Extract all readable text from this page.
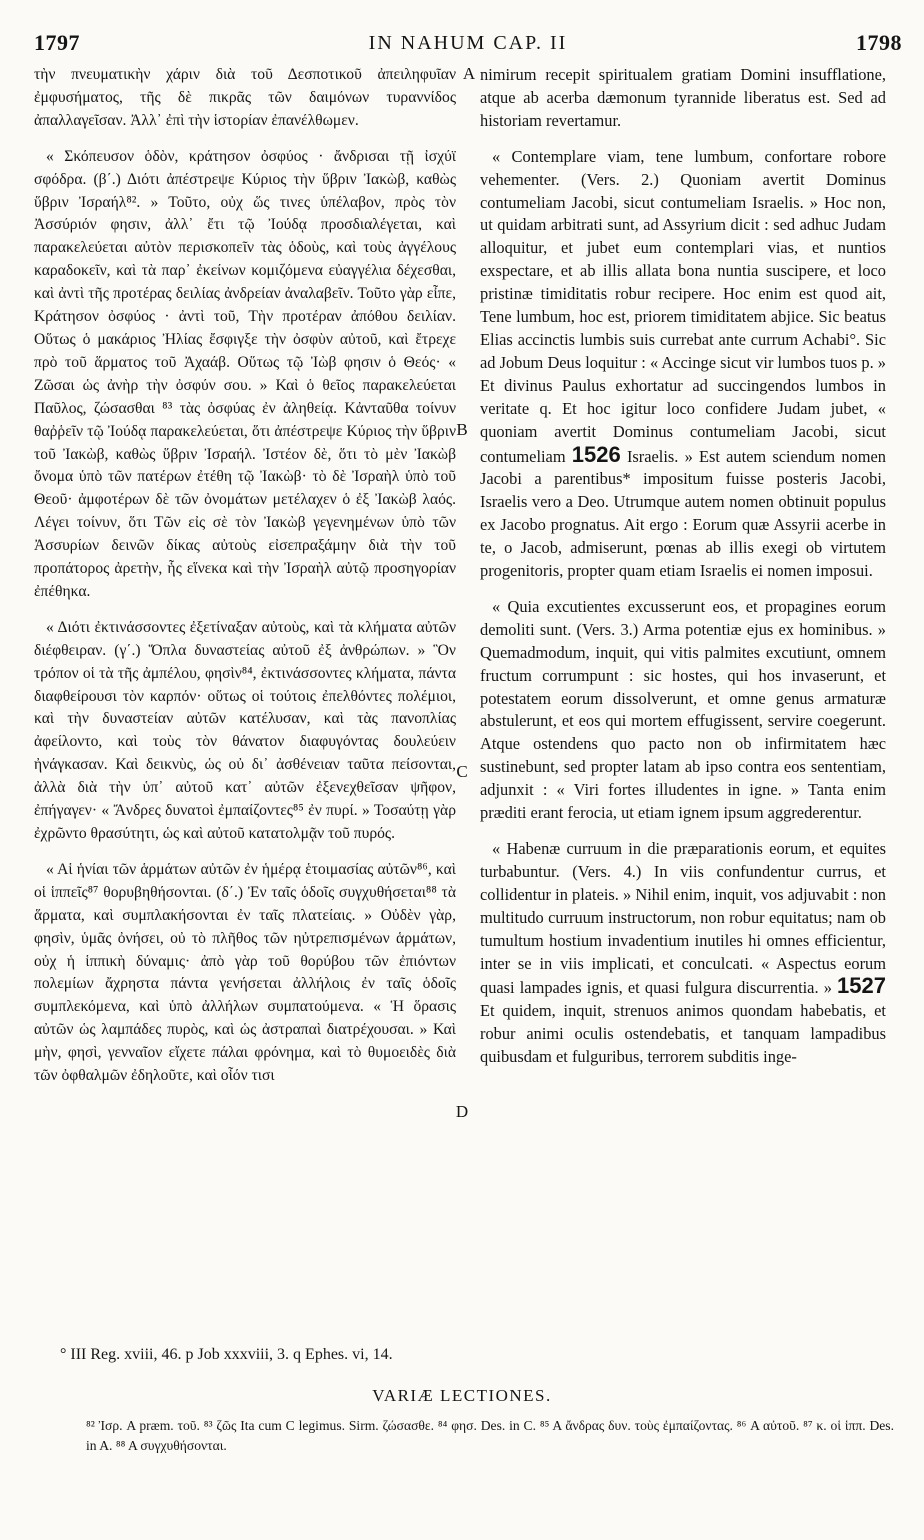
1797	IN NAHUM CAP. II	1798

τὴν πνευματικὴν χάριν διὰ τοῦ Δεσποτικοῦ ἀπειληφυῖαν ἐμφυσήματος, τῆς δὲ πικρᾶς τῶν δαιμόνων τυραννίδος ἀπαλλαγεῖσαν. Ἀλλ᾽ ἐπὶ τὴν ἱστορίαν ἐπανέλθωμεν.

« Σκόπευσον ὁδὸν, κράτησον ὀσφύος · ἄνδρισαι τῇ ἰσχύϊ σφόδρα. (β΄.) Διότι ἀπέστρεψε Κύριος τὴν ὕβριν Ἰακὼβ, καθὼς ὕβριν Ἰσραήλ⁸². » Τοῦτο, οὐχ ὥς τινες ὑπέλαβον, πρὸς τὸν Ἀσσύριόν φησιν, ἀλλ᾽ ἔτι τῷ Ἰούδᾳ προσδιαλέγεται, καὶ παρακελεύεται αὐτὸν περισκοπεῖν τὰς ὁδοὺς, καὶ τοὺς ἀγγέλους καραδοκεῖν, καὶ τὰ παρ᾽ ἐκείνων κομιζόμενα εὐαγγέλια δέχεσθαι, καὶ ἀντὶ τῆς προτέρας δειλίας ἀνδρείαν ἀναλαβεῖν. Τοῦτο γὰρ εἶπε, Κράτησον ὀσφύος · ἀντὶ τοῦ, Τὴν προτέραν ἀπόθου δειλίαν. Οὕτως ὁ μακάριος Ἠλίας ἔσφιγξε τὴν ὀσφὺν αὐτοῦ, καὶ ἔτρεχε πρὸ τοῦ ἅρματος τοῦ Ἀχαάβ. Οὕτως τῷ Ἰὼβ φησιν ὁ Θεός· « Ζῶσαι ὡς ἀνὴρ τὴν ὀσφύν σου. » Καὶ ὁ θεῖος παρακελεύεται Παῦλος, ζώσασθαι ⁸³ τὰς ὀσφύας ἐν ἀληθείᾳ. Κἀνταῦθα τοίνυν θαῤῥεῖν τῷ Ἰούδᾳ παρακελεύεται, ὅτι ἀπέστρεψε Κύριος τὴν ὕβριν τοῦ Ἰακὼβ, καθὼς ὕβριν Ἰσραήλ. Ἰστέον δὲ, ὅτι τὸ μὲν Ἰακὼβ ὄνομα ὑπὸ τῶν πατέρων ἐτέθη τῷ Ἰακὼβ· τὸ δὲ Ἰσραὴλ ὑπὸ τοῦ Θεοῦ· ἀμφοτέρων δὲ τῶν ὀνομάτων μετέλαχεν ὁ ἐξ Ἰακὼβ λαός. Λέγει τοίνυν, ὅτι Τῶν εἰς σὲ τὸν Ἰακὼβ γεγενημένων ὑπὸ τῶν Ἀσσυρίων δεινῶν δίκας αὐτοὺς εἰσεπραξάμην διὰ τὴν τοῦ προπάτορος ἀρετὴν, ἧς εἵνεκα καὶ τὴν Ἰσραὴλ αὐτῷ προσηγορίαν ἐπέθηκα.

« Διότι ἐκτινάσσοντες ἐξετίναξαν αὐτοὺς, καὶ τὰ κλήματα αὐτῶν διέφθειραν. (γ΄.) Ὅπλα δυναστείας αὐτοῦ ἐξ ἀνθρώπων. » Ὃν τρόπον οἱ τὰ τῆς ἀμπέλου, φησὶν⁸⁴, ἐκτινάσσοντες κλήματα, πάντα διαφθείρουσι τὸν καρπόν· οὕτως οἱ τούτοις ἐπελθόντες πολέμιοι, καὶ τὴν δυναστείαν αὐτῶν κατέλυσαν, καὶ τὰς πανοπλίας ἀφείλοντο, καὶ τοὺς τὸν θάνατον διαφυγόντας δουλεύειν ἠνάγκασαν. Καὶ δεικνὺς, ὡς οὐ δι᾽ ἀσθένειαν ταῦτα πείσονται, ἀλλὰ διὰ τὴν ὑπ᾽ αὐτοῦ κατ᾽ αὐτῶν ἐξενεχθεῖσαν ψῆφον, ἐπήγαγεν· « Ἄνδρες δυνατοὶ ἐμπαίζοντες⁸⁵ ἐν πυρί. » Τοσαύτῃ γὰρ ἐχρῶντο θρασύτητι, ὡς καὶ αὐτοῦ κατατολμᾷν τοῦ πυρός.

« Αἱ ἡνίαι τῶν ἁρμάτων αὐτῶν ἐν ἡμέρᾳ ἑτοιμασίας αὐτῶν⁸⁶, καὶ οἱ ἱππεῖς⁸⁷ θορυβηθήσονται. (δ΄.) Ἐν ταῖς ὁδοῖς συγχυθήσεται⁸⁸ τὰ ἅρματα, καὶ συμπλακήσονται ἐν ταῖς πλατείαις. » Οὐδὲν γὰρ, φησὶν, ὑμᾶς ὀνήσει, οὐ τὸ πλῆθος τῶν ηὐτρεπισμένων ἁρμάτων, οὐχ ἡ ἱππικὴ δύναμις· ἀπὸ γὰρ τοῦ θορύβου τῶν ἐπιόντων πολεμίων ἄχρηστα πάντα γενήσεται ἀλλήλοις ἐν ταῖς ὁδοῖς συμπλεκόμενα, καὶ ὑπὸ ἀλλήλων συμπατούμενα. « Ἡ ὅρασις αὐτῶν ὡς λαμπάδες πυρὸς, καὶ ὡς ἀστραπαὶ διατρέχουσαι. » Καὶ μὴν, φησὶ, γενναῖον εἴχετε πάλαι φρόνημα, καὶ τὸ θυμοειδὲς διὰ τῶν ὀφθαλμῶν ἐδηλοῦτε, καὶ οἷόν τισι

A
B
C
D

nimirum recepit spiritualem gratiam Domini insufflatione, atque ab acerba dæmonum tyrannide liberatus est. Sed ad historiam revertamur.

« Contemplare viam, tene lumbum, confortare robore vehementer. (Vers. 2.) Quoniam avertit Dominus contumeliam Jacobi, sicut contumeliam Israelis. » Hoc non, ut quidam arbitrati sunt, ad Assyrium dicit : sed adhuc Judam alloquitur, et jubet eum contemplari vias, et nuntios exspectare, et ab illis allata bona nuntia suscipere, et loco pristinæ timiditatis robur recipere. Hoc enim est quod ait, Tene lumbum, hoc est, priorem timiditatem abjice. Sic beatus Elias accinctis lumbis suis currebat ante currum Achabi°. Sic ad Jobum Deus loquitur : « Accinge sicut vir lumbos tuos p. » Et divinus Paulus exhortatur ad succingendos lumbos in veritate q. Et hoc igitur loco confidere Judam jubet, « quoniam avertit Dominus contumeliam Jacobi, sicut contumeliam 1526 Israelis. » Est autem sciendum nomen Jacobi a parentibus* impositum fuisse posteris Jacobi, Israelis vero a Deo. Utrumque autem nomen obtinuit populus ex Jacobo prognatus. Ait ergo : Eorum quæ Assyrii acerbe in te, o Jacob, admiserunt, pœnas ab illis exegi ob virtutem progenitoris, propter quam etiam Israelis ei nomen imposui.

« Quia excutientes excusserunt eos, et propagines eorum demoliti sunt. (Vers. 3.) Arma potentiæ ejus ex hominibus. » Quemadmodum, inquit, qui vitis palmites excutiunt, omnem fructum corrumpunt : sic hostes, qui hos invaserunt, et potestatem eorum dissolverunt, et omne genus armaturæ abstulerunt, et eos qui mortem effugissent, servire coegerunt. Atque ostendens quo pacto non ob infirmitatem hæc sustinebunt, sed propter latam ab ipso contra eos sententiam, adjunxit : « Viri fortes illudentes in igne. » Tanta enim præditi erant ferocia, ut etiam ignem ipsum aggrederentur.

« Habenæ curruum in die præparationis eorum, et equites turbabuntur. (Vers. 4.) In viis confundentur currus, et collidentur in plateis. » Nihil enim, inquit, vos adjuvabit : non multitudo curruum instructorum, non robur equitatus; nam ob tumultum hostium invadentium inutiles hi omnes efficientur, inter se in viis implicati, et conculcati. « Aspectus eorum quasi lampades ignis, et quasi fulgura discurrentia. » 1527 Et quidem, inquit, strenuos animos quondam habebatis, et robur animi oculis ostendebatis, et tanquam lampadibus quibusdam et fulguribus, terrorem subditis inge-

° III Reg. xviii, 46. p Job xxxviii, 3. q Ephes. vi, 14.
VARIÆ LECTIONES.
⁸² Ἰσρ. A præm. τοῦ. ⁸³ ζῶς Ita cum C legimus. Sirm. ζώσασθε. ⁸⁴ φησ. Des. in C. ⁸⁵ A ἄνδρας δυν. τοὺς ἐμπαίζοντας. ⁸⁶ A αὐτοῦ. ⁸⁷ κ. οἱ ἱππ. Des. in A. ⁸⁸ A συγχυθήσονται.
